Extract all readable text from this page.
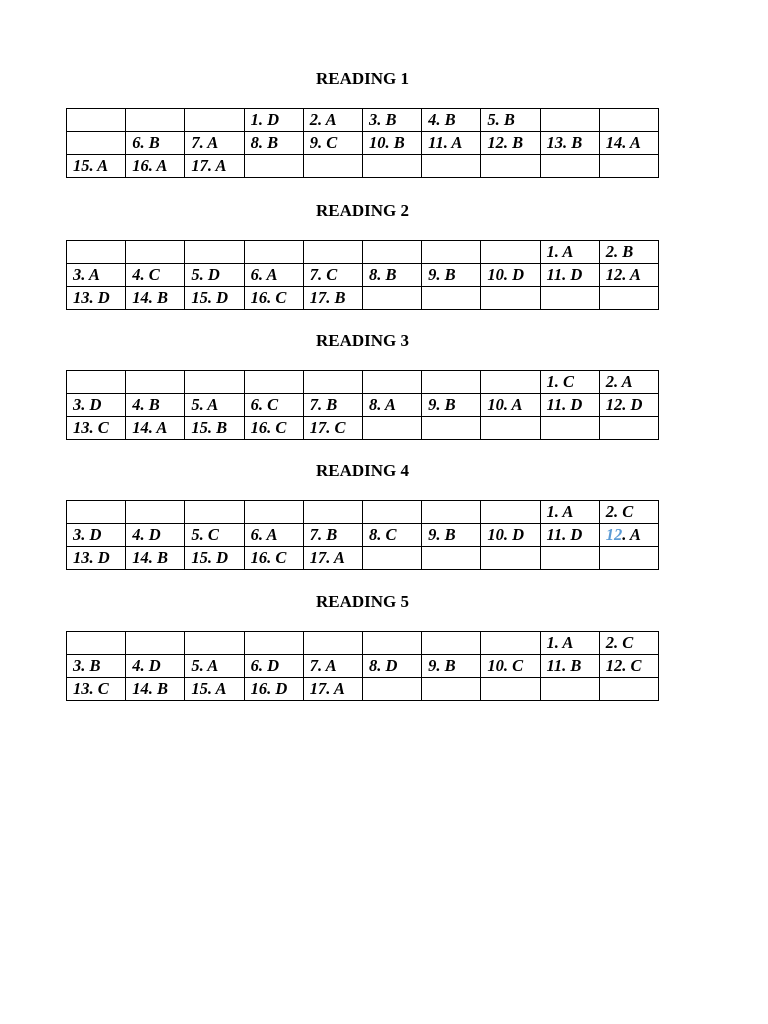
READING 1
			1. D	2. A	3. B	4. B	5. B		
	6. B	7. A	8. B	9. C	10. B	11. A	12. B	13. B	14. A
15. A	16. A	17. A							
READING 2
								1. A	2. B
3. A	4. C	5. D	6. A	7. C	8. B	9. B	10. D	11. D	12. A
13. D	14. B	15. D	16. C	17. B					
READING 3
								1. C	2. A
3. D	4. B	5. A	6. C	7. B	8. A	9. B	10. A	11. D	12. D
13. C	14. A	15. B	16. C	17. C					
READING 4
								1. A	2. C
3. D	4. D	5. C	6. A	7. B	8. C	9. B	10. D	11. D	12. A
13. D	14. B	15. D	16. C	17. A					
READING 5
								1. A	2. C
3. B	4. D	5. A	6. D	7. A	8. D	9. B	10. C	11. B	12. C
13. C	14. B	15. A	16. D	17. A					
